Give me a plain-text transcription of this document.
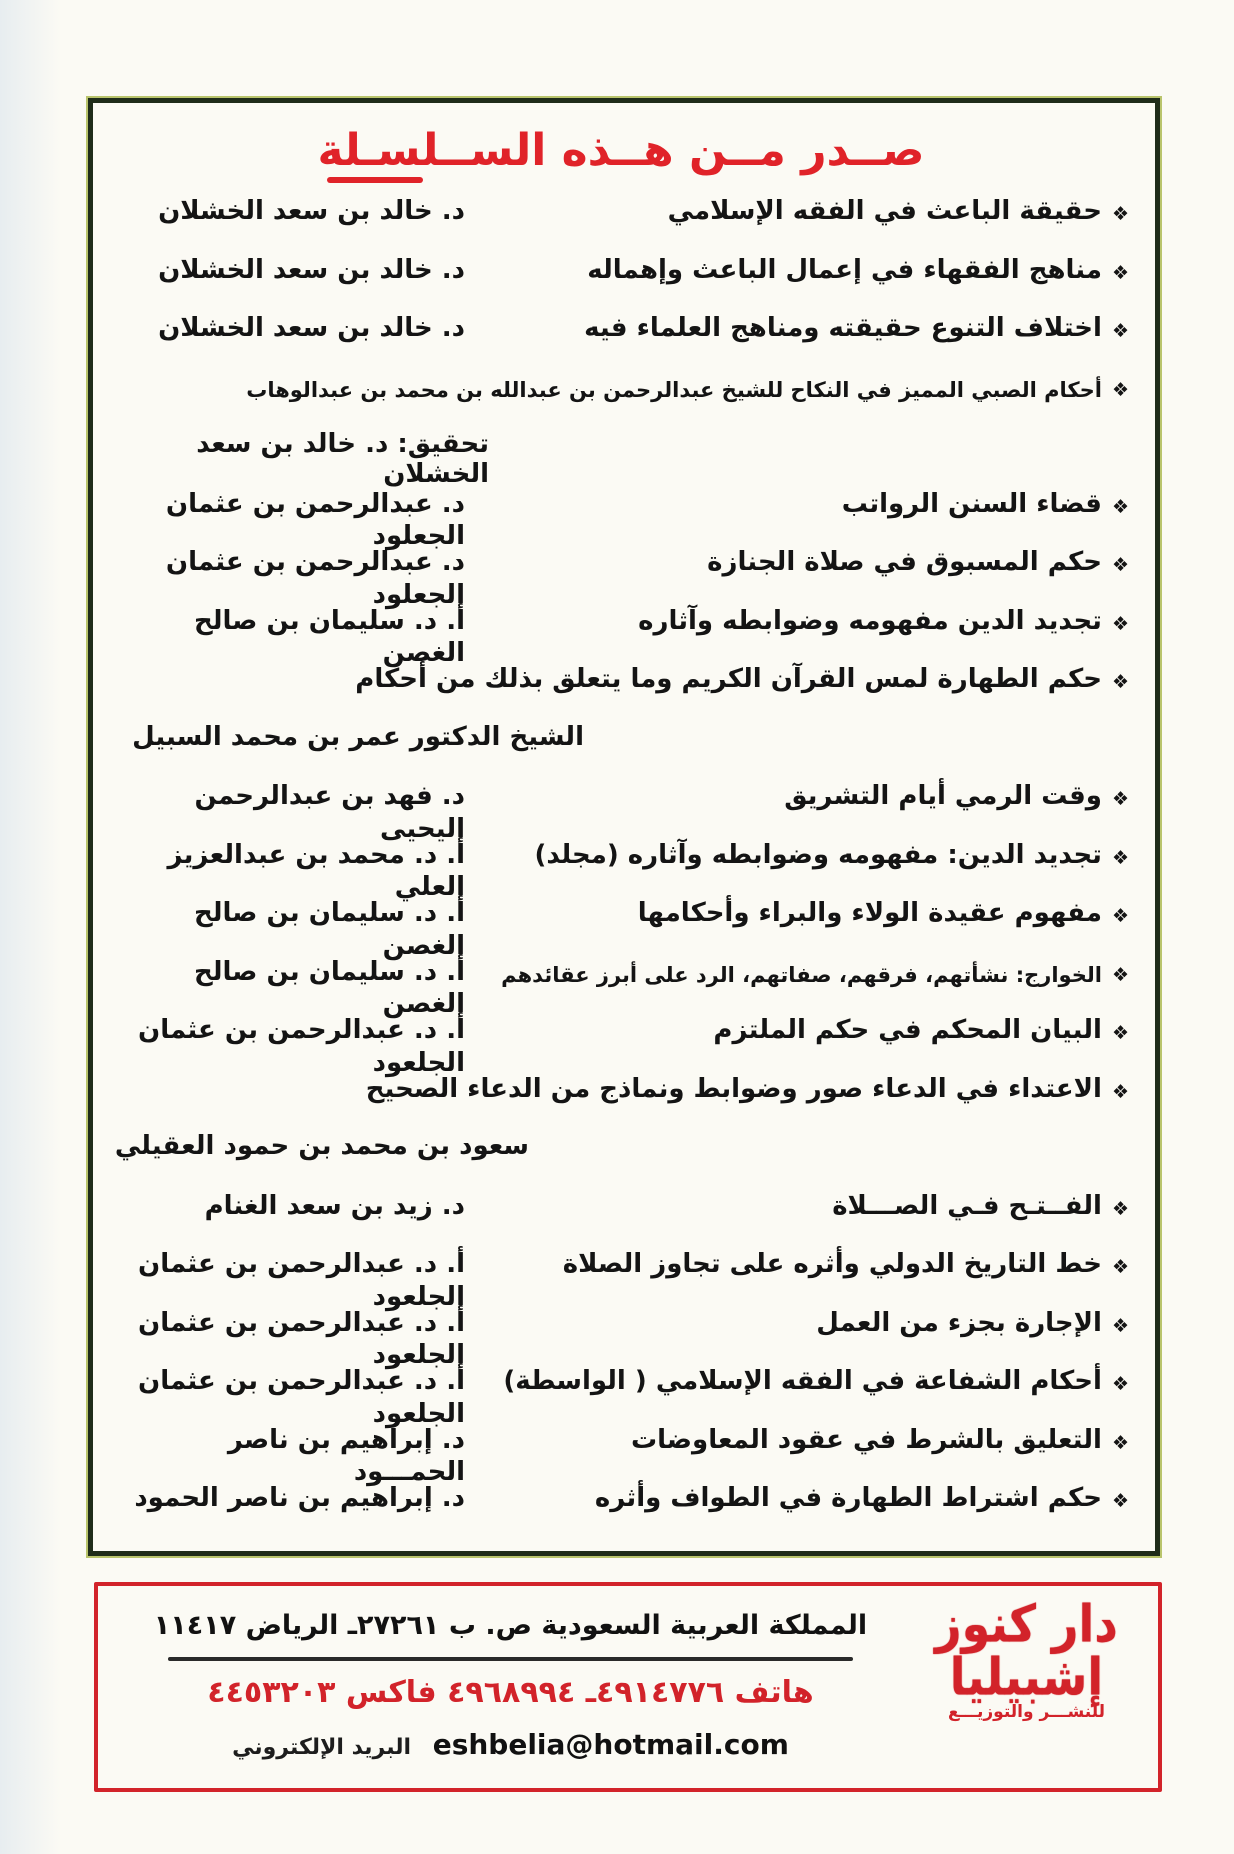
صــدر مــن هــذه الســلسـلة
❖
حقيقة الباعث في الفقه الإسلامي
د. خالد بن سعد الخشلان
❖
مناهج الفقهاء في إعمال الباعث وإهماله
د. خالد بن سعد الخشلان
❖
اختلاف التنوع حقيقته ومناهج العلماء فيه
د. خالد بن سعد الخشلان
❖
أحكام الصبي المميز في النكاح للشيخ عبدالرحمن بن عبدالله بن محمد بن عبدالوهاب
تحقيق: د. خالد بن سعد الخشلان
❖
قضاء السنن الرواتب
د. عبدالرحمن بن عثمان الجعلود
❖
حكم المسبوق في صلاة الجنازة
د. عبدالرحمن بن عثمان الجعلود
❖
تجديد الدين مفهومه وضوابطه وآثاره
أ. د. سليمان بن صالح الغصن
❖
حكم الطهارة لمس القرآن الكريم وما يتعلق بذلك من أحكام
الشيخ الدكتور عمر بن محمد السبيل
❖
وقت الرمي أيام التشريق
د. فهد بن عبدالرحمن اليحيى
❖
تجديد الدين: مفهومه وضوابطه وآثاره (مجلد)
أ. د. محمد بن عبدالعزيز العلي
❖
مفهوم عقيدة الولاء والبراء وأحكامها
أ. د. سليمان بن صالح الغصن
❖
الخوارج: نشأتهم، فرقهم، صفاتهم، الرد على أبرز عقائدهم
أ. د. سليمان بن صالح الغصن
❖
البيان المحكم في حكم الملتزم
أ. د. عبدالرحمن بن عثمان الجلعود
❖
الاعتداء في الدعاء صور وضوابط ونماذج من الدعاء الصحيح
سعود بن محمد بن حمود العقيلي
❖
الفــتـح فـي الصـــلاة
د. زيد بن سعد الغنام
❖
خط التاريخ الدولي وأثره على تجاوز الصلاة
أ. د. عبدالرحمن بن عثمان الجلعود
❖
الإجارة بجزء من العمل
أ. د. عبدالرحمن بن عثمان الجلعود
❖
أحكام الشفاعة في الفقه الإسلامي ( الواسطة)
أ. د. عبدالرحمن بن عثمان الجلعود
❖
التعليق بالشرط في عقود المعاوضات
د. إبراهيم بن ناصر الحمـــود
❖
حكم اشتراط الطهارة في الطواف وأثره
د. إبراهيم بن ناصر الحمود
دار كنوز إشبيليا
للنشـــر والتوزيـــع
المملكة العربية السعودية ص. ب ٢٧٢٦١ـ الرياض ١١٤١٧
هاتف ٤٩١٤٧٧٦ـ ٤٩٦٨٩٩٤ فاكس ٤٤٥٣٢٠٣
eshbelia@hotmail.com البريد الإلكتروني
